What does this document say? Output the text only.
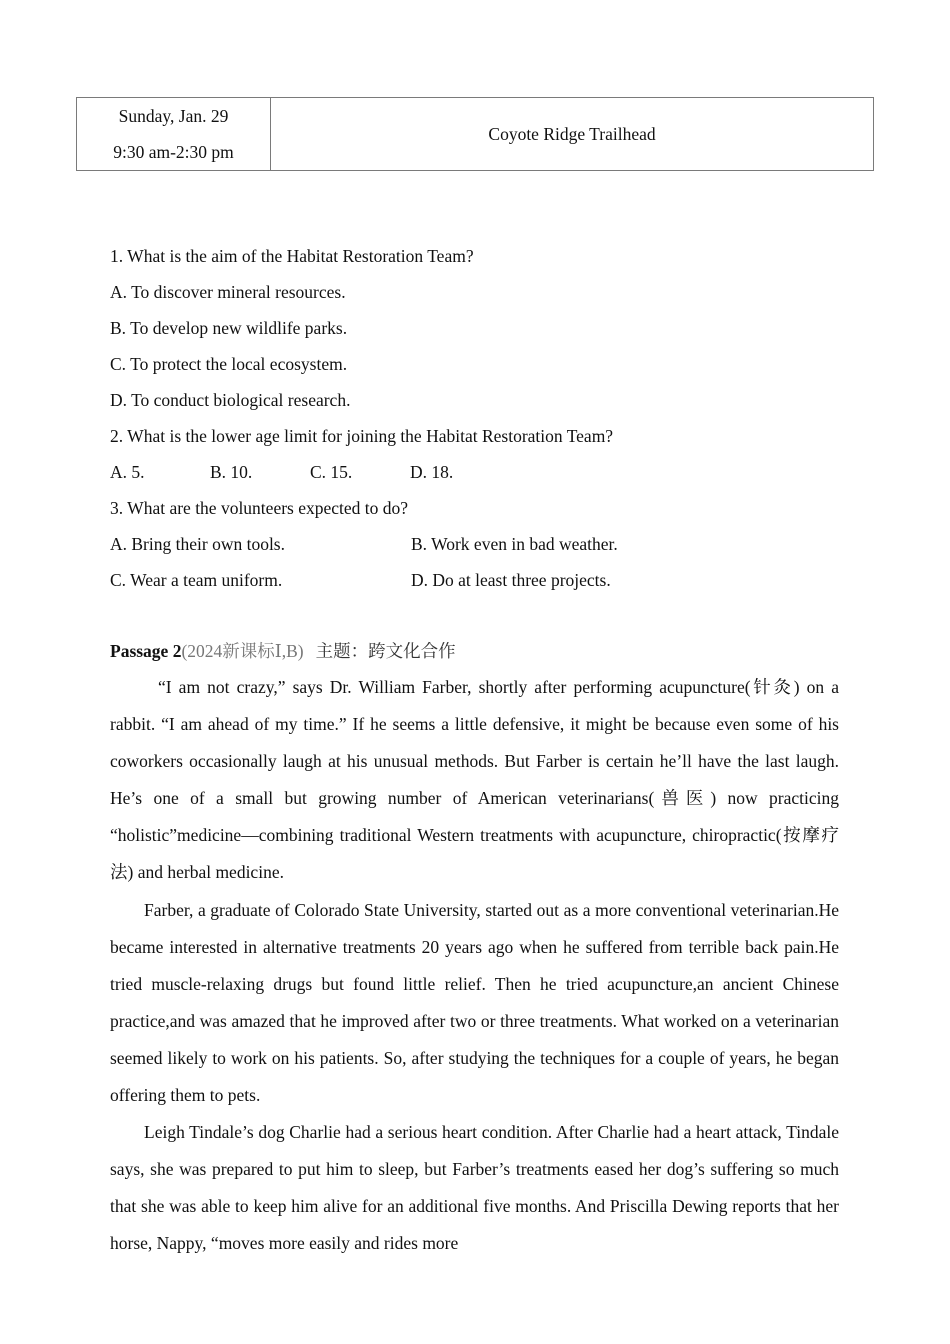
Sunday, Jan. 29
9:30 am-2:30 pm
	Coyote Ridge Trailhead
1. What is the aim of the Habitat Restoration Team?
A. To discover mineral resources.
B. To develop new wildlife parks.
C. To protect the local ecosystem.
D. To conduct biological research.
2. What is the lower age limit for joining the Habitat Restoration Team?
A. 5.	B. 10.	C. 15.	D. 18.
3. What are the volunteers expected to do?
A. Bring their own tools.	B. Work even in bad weather.
C. Wear a team uniform.	D. Do at least three projects.
Passage 2(2024新课标Ⅰ,B) 主题：跨文化合作

“I am not crazy,” says Dr. William Farber, shortly after performing acupuncture(针灸) on a rabbit. “I am ahead of my time.” If he seems a little defensive, it might be because even some of his coworkers occasionally laugh at his unusual methods. But Farber is certain he’ll have the last laugh. He’s one of a small but growing number of American veterinarians(兽医) now practicing “holistic”medicine—combining traditional Western treatments with acupuncture, chiropractic(按摩疗法) and herbal medicine.

Farber, a graduate of Colorado State University, started out as a more conventional veterinarian.He became interested in alternative treatments 20 years ago when he suffered from terrible back pain.He tried muscle-relaxing drugs but found little relief. Then he tried acupuncture,an ancient Chinese practice,and was amazed that he improved after two or three treatments. What worked on a veterinarian seemed likely to work on his patients. So, after studying the techniques for a couple of years, he began offering them to pets.

Leigh Tindale’s dog Charlie had a serious heart condition. After Charlie had a heart attack, Tindale says, she was prepared to put him to sleep, but Farber’s treatments eased her dog’s suffering so much that she was able to keep him alive for an additional five months. And Priscilla Dewing reports that her horse, Nappy, “moves more easily and rides more
